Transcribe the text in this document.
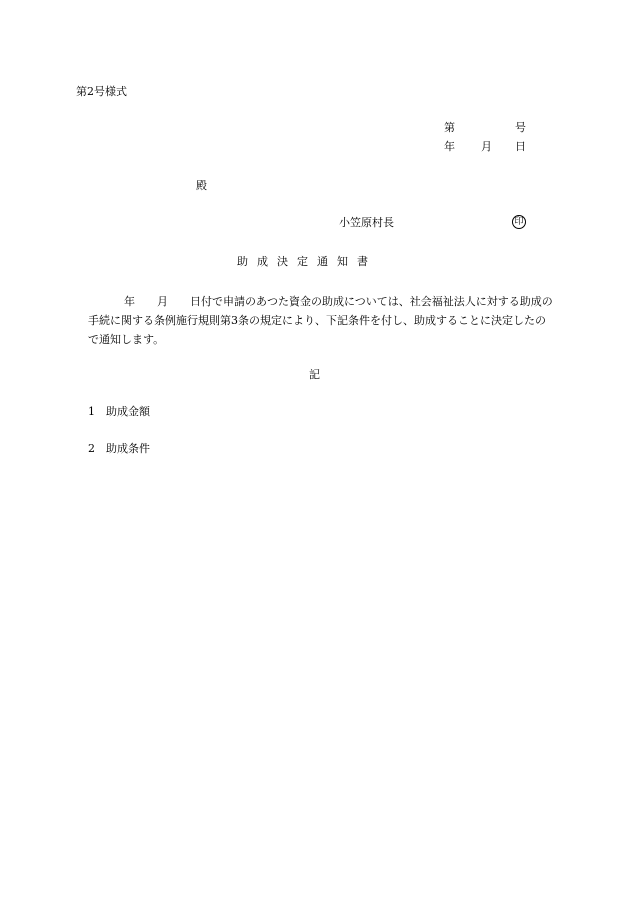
第2号様式
第	号
年 月 日
殿
小笠原村長	印
助成決定通知書
年　　月　　日付で申請のあつた資金の助成については、社会福祉法人に対する助成の手続に関する条例施行規則第3条の規定により、下記条件を付し、助成することに決定したので通知します。
記
1 助成金額
2 助成条件
